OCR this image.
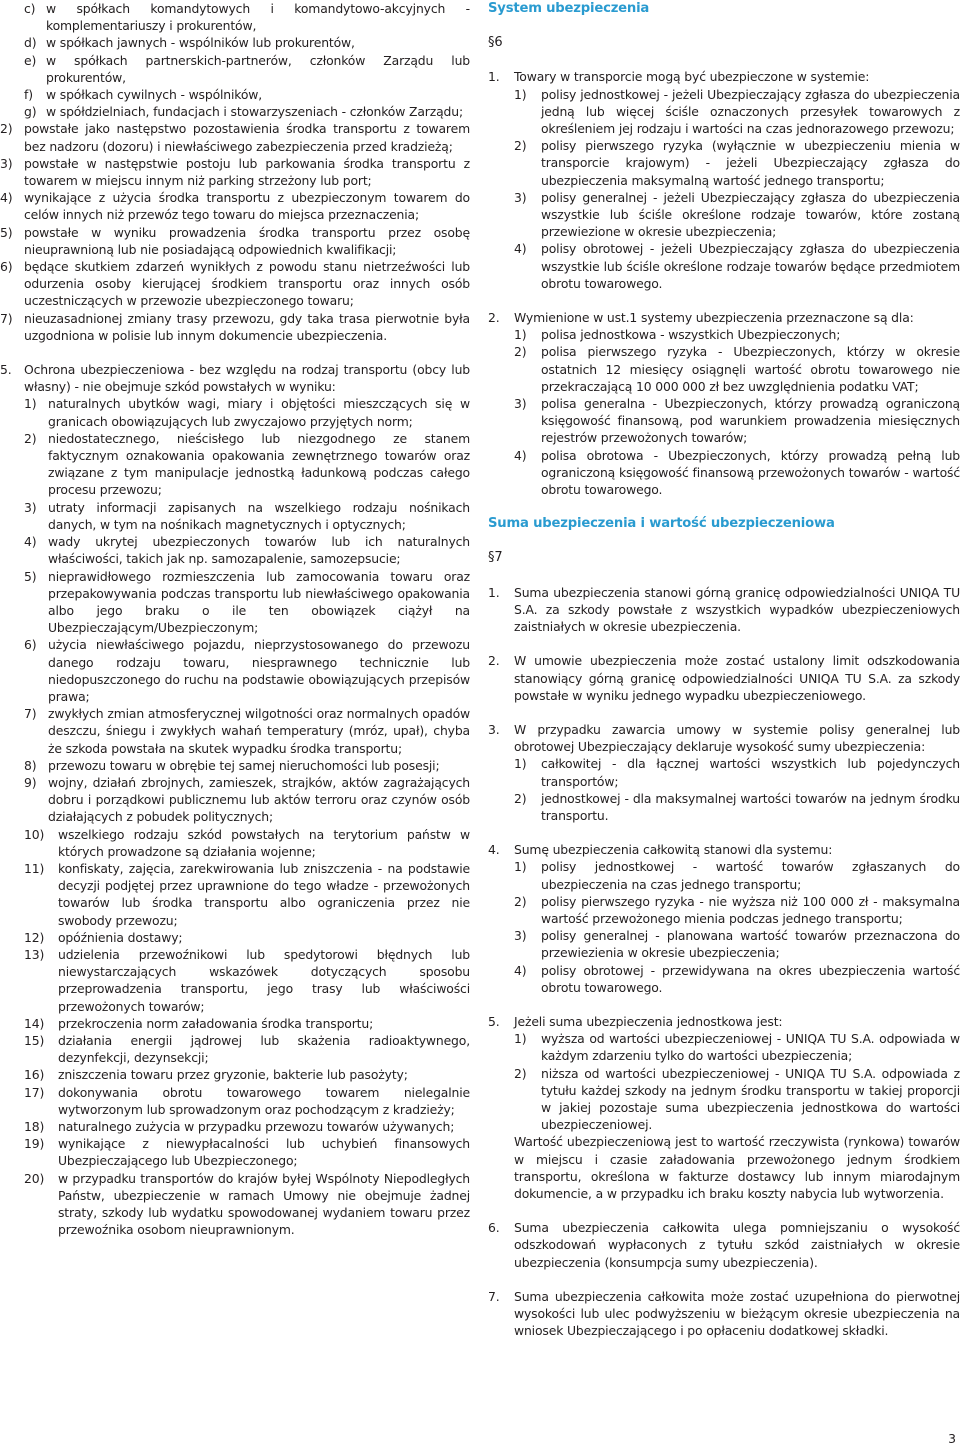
c) w spółkach komandytowych i komandytowo-akcyjnych - komplementariuszy i prokurentów,
d) w spółkach jawnych - wspólników lub prokurentów,
e) w spółkach partnerskich-partnerów, członków Zarządu lub prokurentów,
f)	w spółkach cywilnych - wspólników,
g) w spółdzielniach, fundacjach i stowarzyszeniach - członków Zarządu;
2) powstałe jako następstwo pozostawienia środka transportu z towarem bez nadzoru (dozoru) i niewłaściwego zabezpieczenia przed kradzieżą;
3) powstałe w następstwie postoju lub parkowania środka transportu z towarem w miejscu innym niż parking strzeżony lub port;
4) wynikające z użycia środka transportu z ubezpieczonym towarem do celów innych niż przewóz tego towaru do miejsca przeznaczenia;
5) powstałe w wyniku prowadzenia środka transportu przez osobę nieuprawnioną lub nie posiadającą odpowiednich kwalifikacji;
6) będące skutkiem zdarzeń wynikłych z powodu stanu nietrzeźwości lub odurzenia osoby kierującej środkiem transportu oraz innych osób uczestniczących w przewozie ubezpieczonego towaru;
7) nieuzasadnionej zmiany trasy przewozu, gdy taka trasa pierwotnie była uzgodniona w polisie lub innym dokumencie ubezpieczenia.
5.	Ochrona ubezpieczeniowa - bez względu na rodzaj transportu (obcy lub własny) - nie obejmuje szkód powstałych w wyniku:
1) naturalnych ubytków wagi, miary i objętości mieszczących się w granicach obowiązujących lub zwyczajowo przyjętych norm;
2) niedostatecznego, nieścisłego lub niezgodnego ze stanem faktycznym oznakowania opakowania zewnętrznego towarów oraz związane z tym manipulacje jednostką ładunkową podczas całego procesu przewozu;
3) utraty informacji zapisanych na wszelkiego rodzaju nośnikach danych, w tym na nośnikach magnetycznych i optycznych;
4) wady ukrytej ubezpieczonych towarów lub ich naturalnych właściwości, takich jak np. samozapalenie, samozepsucie;
5) nieprawidłowego rozmieszczenia lub zamocowania towaru oraz przepakowywania podczas transportu lub niewłaściwego opakowania albo jego braku o ile ten obowiązek ciążył na Ubezpieczającym/Ubezpieczonym;
6) użycia niewłaściwego pojazdu, nieprzystosowanego do przewozu danego rodzaju towaru, niesprawnego technicznie lub niedopuszczonego do ruchu na podstawie obowiązujących przepisów prawa;
7) zwykłych zmian atmosferycznej wilgotności oraz normalnych opadów deszczu, śniegu i zwykłych wahań temperatury (mróz, upał), chyba że szkoda powstała na skutek wypadku środka transportu;
8) przewozu towaru w obrębie tej samej nieruchomości lub posesji;
9) wojny, działań zbrojnych, zamieszek, strajków, aktów zagrażających dobru i porządkowi publicznemu lub aktów terroru oraz czynów osób działających z pobudek politycznych;
10)	wszelkiego rodzaju szkód powstałych na terytorium państw w których prowadzone są działania wojenne;
11)	konfiskaty, zajęcia, zarekwirowania lub zniszczenia - na podstawie decyzji podjętej przez uprawnione do tego władze - przewożonych towarów lub środka transportu albo ograniczenia przez nie swobody przewozu;
12)	opóźnienia dostawy;
13)	udzielenia przewoźnikowi lub spedytorowi błędnych lub niewystarczających wskazówek dotyczących sposobu przeprowadzenia transportu, jego trasy lub właściwości przewożonych towarów;
14)	przekroczenia norm załadowania środka transportu;
15)	działania energii jądrowej lub skażenia radioaktywnego, dezynfekcji, dezynsekcji;
16)	zniszczenia towaru przez gryzonie, bakterie lub pasożyty;
17)	dokonywania obrotu towarowego towarem nielegalnie wytworzonym lub sprowadzonym oraz pochodzącym z kradzieży;
18)	naturalnego zużycia w przypadku przewozu towarów używanych;
19)	wynikające z niewypłacalności lub uchybień finansowych Ubezpieczającego lub Ubezpieczonego;
20)	w przypadku transportów do krajów byłej Wspólnoty Niepodległych Państw, ubezpieczenie w ramach Umowy nie obejmuje żadnej straty, szkody lub wydatku spowodowanej wydaniem towaru przez przewoźnika osobom nieuprawnionym.
System ubezpieczenia
§6
1.	Towary w transporcie mogą być ubezpieczone w systemie:
1)	polisy jednostkowej - jeżeli Ubezpieczający zgłasza do ubezpieczenia jedną lub więcej ściśle oznaczonych przesyłek towarowych z określeniem jej rodzaju i wartości na czas jednorazowego przewozu;
2)	polisy pierwszego ryzyka (wyłącznie w ubezpieczeniu mienia w transporcie krajowym) - jeżeli Ubezpieczający zgłasza do ubezpieczenia maksymalną wartość jednego transportu;
3)	polisy generalnej - jeżeli Ubezpieczający zgłasza do ubezpieczenia wszystkie lub ściśle określone rodzaje towarów, które zostaną przewiezione w okresie ubezpieczenia;
4)	polisy obrotowej - jeżeli Ubezpieczający zgłasza do ubezpieczenia wszystkie lub ściśle określone rodzaje towarów będące przedmiotem obrotu towarowego.
2.	Wymienione w ust.1 systemy ubezpieczenia przeznaczone są dla:
1)	polisa jednostkowa - wszystkich Ubezpieczonych;
2)	polisa pierwszego ryzyka - Ubezpieczonych, którzy w okresie ostatnich 12 miesięcy osiągnęli wartość obrotu towarowego nie przekraczającą 10 000 000 zł bez uwzględnienia podatku VAT;
3)	polisa generalna - Ubezpieczonych, którzy prowadzą ograniczoną księgowość finansową, pod warunkiem prowadzenia miesięcznych rejestrów przewożonych towarów;
4)	polisa obrotowa - Ubezpieczonych, którzy prowadzą pełną lub ograniczoną księgowość finansową przewożonych towarów - wartość obrotu towarowego.
Suma ubezpieczenia i wartość ubezpieczeniowa
§7
1.	Suma ubezpieczenia stanowi górną granicę odpowiedzialności UNIQA TU S.A. za szkody powstałe z wszystkich wypadków ubezpieczeniowych zaistniałych w okresie ubezpieczenia.
2.	W umowie ubezpieczenia może zostać ustalony limit odszkodowania stanowiący górną granicę odpowiedzialności UNIQA TU S.A. za szkody powstałe w wyniku jednego wypadku ubezpieczeniowego.
3.	W przypadku zawarcia umowy w systemie polisy generalnej lub obrotowej Ubezpieczający deklaruje wysokość sumy ubezpieczenia:
1)	całkowitej - dla łącznej wartości wszystkich lub pojedynczych transportów;
2)	jednostkowej - dla maksymalnej wartości towarów na jednym środku transportu.
4.	Sumę ubezpieczenia całkowitą stanowi dla systemu:
1)	polisy jednostkowej - wartość towarów zgłaszanych do ubezpieczenia na czas jednego transportu;
2)	polisy pierwszego ryzyka - nie wyższa niż 100 000 zł - maksymalna wartość przewożonego mienia podczas jednego transportu;
3)	polisy generalnej - planowana wartość towarów przeznaczona do przewiezienia w okresie ubezpieczenia;
4)	polisy obrotowej - przewidywana na okres ubezpieczenia wartość obrotu towarowego.
5.	Jeżeli suma ubezpieczenia jednostkowa jest:
1)	wyższa od wartości ubezpieczeniowej - UNIQA TU S.A. odpowiada w każdym zdarzeniu tylko do wartości ubezpieczenia;
2)	niższa od wartości ubezpieczeniowej - UNIQA TU S.A. odpowiada z tytułu każdej szkody na jednym środku transportu w takiej proporcji w jakiej pozostaje suma ubezpieczenia jednostkowa do wartości ubezpieczeniowej.
Wartość ubezpieczeniową jest to wartość rzeczywista (rynkowa) towarów w miejscu i czasie załadowania przewożonego jednym środkiem transportu, określona w fakturze dostawcy lub innym miarodajnym dokumencie, a w przypadku ich braku koszty nabycia lub wytworzenia.
6.	Suma ubezpieczenia całkowita ulega pomniejszaniu o wysokość odszkodowań wypłaconych z tytułu szkód zaistniałych w okresie ubezpieczenia (konsumpcja sumy ubezpieczenia).
7.	Suma ubezpieczenia całkowita może zostać uzupełniona do pierwotnej wysokości lub ulec podwyższeniu w bieżącym okresie ubezpieczenia na wniosek Ubezpieczającego i po opłaceniu dodatkowej składki.
3
